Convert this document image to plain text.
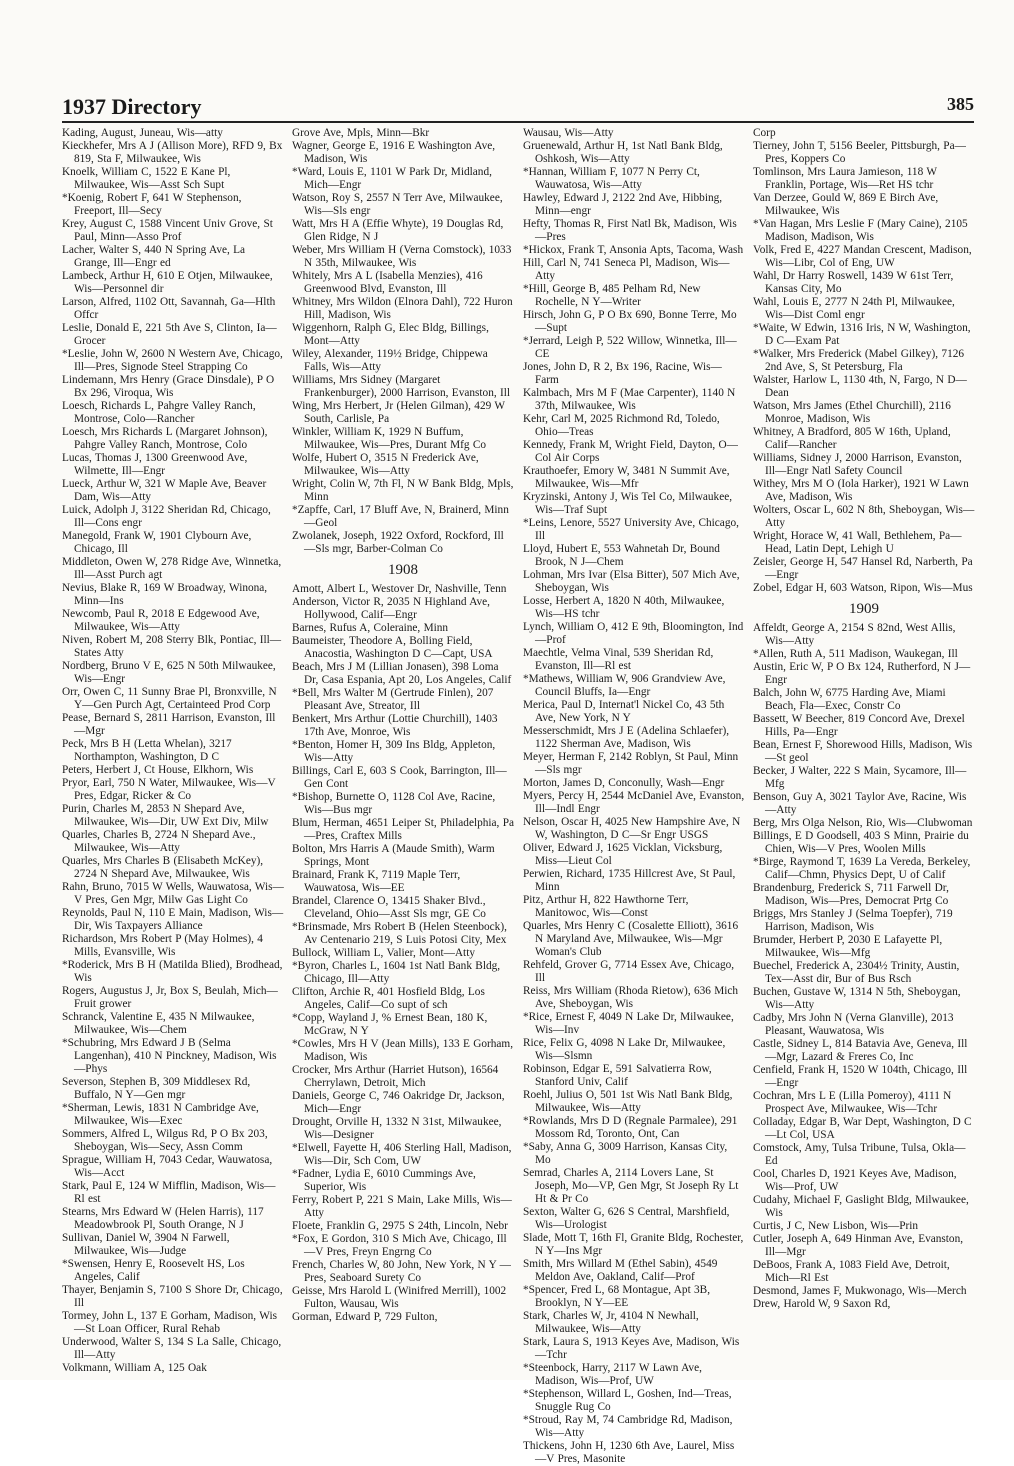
1937 Directory	385

Kading, August, Juneau, Wis—atty

Kieckhefer, Mrs A J (Allison More), RFD 9, Bx 819, Sta F, Milwaukee, Wis

Knoelk, William C, 1522 E Kane Pl, Milwaukee, Wis—Asst Sch Supt

*Koenig, Robert F, 641 W Stephenson, Freeport, Ill—Secy

Krey, August C, 1588 Vincent Univ Grove, St Paul, Minn—Asso Prof

Lacher, Walter S, 440 N Spring Ave, La Grange, Ill—Engr ed

Lambeck, Arthur H, 610 E Otjen, Milwaukee, Wis—Personnel dir

Larson, Alfred, 1102 Ott, Savannah, Ga—Hlth Offcr

Leslie, Donald E, 221 5th Ave S, Clinton, Ia—Grocer

*Leslie, John W, 2600 N Western Ave, Chicago, Ill—Pres, Signode Steel Strapping Co

Lindemann, Mrs Henry (Grace Dinsdale), P O Bx 296, Viroqua, Wis

Loesch, Richards L, Pahgre Valley Ranch, Montrose, Colo—Rancher

Loesch, Mrs Richards L (Margaret Johnson), Pahgre Valley Ranch, Montrose, Colo

Lucas, Thomas J, 1300 Greenwood Ave, Wilmette, Ill—Engr

Lueck, Arthur W, 321 W Maple Ave, Beaver Dam, Wis—Atty

Luick, Adolph J, 3122 Sheridan Rd, Chicago, Ill—Cons engr

Manegold, Frank W, 1901 Clybourn Ave, Chicago, Ill

Middleton, Owen W, 278 Ridge Ave, Winnetka, Ill—Asst Purch agt

Nevius, Blake R, 169 W Broadway, Winona, Minn—Ins

Newcomb, Paul R, 2018 E Edgewood Ave, Milwaukee, Wis—Atty

Niven, Robert M, 208 Sterry Blk, Pontiac, Ill—States Atty

Nordberg, Bruno V E, 625 N 50th Milwaukee, Wis—Engr

Orr, Owen C, 11 Sunny Brae Pl, Bronxville, N Y—Gen Purch Agt, Certainteed Prod Corp

Pease, Bernard S, 2811 Harrison, Evanston, Ill—Mgr

Peck, Mrs B H (Letta Whelan), 3217 Northampton, Washington, D C

Peters, Herbert J, Ct House, Elkhorn, Wis

Pryor, Earl, 750 N Water, Milwaukee, Wis—V Pres, Edgar, Ricker & Co

Purin, Charles M, 2853 N Shepard Ave, Milwaukee, Wis—Dir, UW Ext Div, Milw

Quarles, Charles B, 2724 N Shepard Ave., Milwaukee, Wis—Atty

Quarles, Mrs Charles B (Elisabeth McKey), 2724 N Shepard Ave, Milwaukee, Wis

Rahn, Bruno, 7015 W Wells, Wauwatosa, Wis—V Pres, Gen Mgr, Milw Gas Light Co

Reynolds, Paul N, 110 E Main, Madison, Wis—Dir, Wis Taxpayers Alliance

Richardson, Mrs Robert P (May Holmes), 4 Mills, Evansville, Wis

*Roderick, Mrs B H (Matilda Blied), Brodhead, Wis

Rogers, Augustus J, Jr, Box S, Beulah, Mich—Fruit grower

Schranck, Valentine E, 435 N Milwaukee, Milwaukee, Wis—Chem

*Schubring, Mrs Edward J B (Selma Langenhan), 410 N Pinckney, Madison, Wis—Phys

Severson, Stephen B, 309 Middlesex Rd, Buffalo, N Y—Gen mgr

*Sherman, Lewis, 1831 N Cambridge Ave, Milwaukee, Wis—Exec

Sommers, Alfred L, Wilgus Rd, P O Bx 203, Sheboygan, Wis—Secy, Assn Comm

Sprague, William H, 7043 Cedar, Wauwatosa, Wis—Acct

Stark, Paul E, 124 W Mifflin, Madison, Wis—Rl est

Stearns, Mrs Edward W (Helen Harris), 117 Meadowbrook Pl, South Orange, N J

Sullivan, Daniel W, 3904 N Farwell, Milwaukee, Wis—Judge

*Swensen, Henry E, Roosevelt HS, Los Angeles, Calif

Thayer, Benjamin S, 7100 S Shore Dr, Chicago, Ill

Tormey, John L, 137 E Gorham, Madison, Wis—St Loan Officer, Rural Rehab

Underwood, Walter S, 134 S La Salle, Chicago, Ill—Atty

Volkmann, William A, 125 Oak

Grove Ave, Mpls, Minn—Bkr

Wagner, George E, 1916 E Washington Ave, Madison, Wis

*Ward, Louis E, 1101 W Park Dr, Midland, Mich—Engr

Watson, Roy S, 2557 N Terr Ave, Milwaukee, Wis—Sls engr

Watt, Mrs H A (Effie Whyte), 19 Douglas Rd, Glen Ridge, N J

Weber, Mrs William H (Verna Comstock), 1033 N 35th, Milwaukee, Wis

Whitely, Mrs A L (Isabella Menzies), 416 Greenwood Blvd, Evanston, Ill

Whitney, Mrs Wildon (Elnora Dahl), 722 Huron Hill, Madison, Wis

Wiggenhorn, Ralph G, Elec Bldg, Billings, Mont—Atty

Wiley, Alexander, 119½ Bridge, Chippewa Falls, Wis—Atty

Williams, Mrs Sidney (Margaret Frankenburger), 2000 Harrison, Evanston, Ill

Wing, Mrs Herbert, Jr (Helen Gilman), 429 W South, Carlisle, Pa

Winkler, William K, 1929 N Buffum, Milwaukee, Wis—Pres, Durant Mfg Co

Wolfe, Hubert O, 3515 N Frederick Ave, Milwaukee, Wis—Atty

Wright, Colin W, 7th Fl, N W Bank Bldg, Mpls, Minn

*Zapffe, Carl, 17 Bluff Ave, N, Brainerd, Minn—Geol

Zwolanek, Joseph, 1922 Oxford, Rockford, Ill—Sls mgr, Barber-Colman Co

1908

Amott, Albert L, Westover Dr, Nashville, Tenn

Anderson, Victor R, 2035 N Highland Ave, Hollywood, Calif—Engr

Barnes, Rufus A, Coleraine, Minn

Baumeister, Theodore A, Bolling Field, Anacostia, Washington D C—Capt, USA

Beach, Mrs J M (Lillian Jonasen), 398 Loma Dr, Casa Espania, Apt 20, Los Angeles, Calif

*Bell, Mrs Walter M (Gertrude Finlen), 207 Pleasant Ave, Streator, Ill

Benkert, Mrs Arthur (Lottie Churchill), 1403 17th Ave, Monroe, Wis

*Benton, Homer H, 309 Ins Bldg, Appleton, Wis—Atty

Billings, Carl E, 603 S Cook, Barrington, Ill—Gen Cont

*Bishop, Burnette O, 1128 Col Ave, Racine, Wis—Bus mgr

Blum, Herman, 4651 Leiper St, Philadelphia, Pa—Pres, Craftex Mills

Bolton, Mrs Harris A (Maude Smith), Warm Springs, Mont

Brainard, Frank K, 7119 Maple Terr, Wauwatosa, Wis—EE

Brandel, Clarence O, 13415 Shaker Blvd., Cleveland, Ohio—Asst Sls mgr, GE Co

*Brinsmade, Mrs Robert B (Helen Steenbock), Av Centenario 219, S Luis Potosi City, Mex

Bullock, William L, Valier, Mont—Atty

*Byron, Charles L, 1604 1st Natl Bank Bldg, Chicago, Ill—Atty

Clifton, Archie R, 401 Hosfield Bldg, Los Angeles, Calif—Co supt of sch

*Copp, Wayland J, % Ernest Bean, 180 K, McGraw, N Y

*Cowles, Mrs H V (Jean Mills), 133 E Gorham, Madison, Wis

Crocker, Mrs Arthur (Harriet Hutson), 16564 Cherrylawn, Detroit, Mich

Daniels, George C, 746 Oakridge Dr, Jackson, Mich—Engr

Drought, Orville H, 1332 N 31st, Milwaukee, Wis—Designer

*Elwell, Fayette H, 406 Sterling Hall, Madison, Wis—Dir, Sch Com, UW

*Fadner, Lydia E, 6010 Cummings Ave, Superior, Wis

Ferry, Robert P, 221 S Main, Lake Mills, Wis—Atty

Floete, Franklin G, 2975 S 24th, Lincoln, Nebr

*Fox, E Gordon, 310 S Mich Ave, Chicago, Ill—V Pres, Freyn Engrng Co

French, Charles W, 80 John, New York, N Y — Pres, Seaboard Surety Co

Geisse, Mrs Harold L (Winifred Merrill), 1002 Fulton, Wausau, Wis

Gorman, Edward P, 729 Fulton,

Wausau, Wis—Atty

Gruenewald, Arthur H, 1st Natl Bank Bldg, Oshkosh, Wis—Atty

*Hannan, William F, 1077 N Perry Ct, Wauwatosa, Wis—Atty

Hawley, Edward J, 2122 2nd Ave, Hibbing, Minn—engr

Hefty, Thomas R, First Natl Bk, Madison, Wis—Pres

*Hickox, Frank T, Ansonia Apts, Tacoma, Wash

Hill, Carl N, 741 Seneca Pl, Madison, Wis—Atty

*Hill, George B, 485 Pelham Rd, New Rochelle, N Y—Writer

Hirsch, John G, P O Bx 690, Bonne Terre, Mo—Supt

*Jerrard, Leigh P, 522 Willow, Winnetka, Ill—CE

Jones, John D, R 2, Bx 196, Racine, Wis—Farm

Kalmbach, Mrs M F (Mae Carpenter), 1140 N 37th, Milwaukee, Wis

Kehr, Carl M, 2025 Richmond Rd, Toledo, Ohio—Treas

Kennedy, Frank M, Wright Field, Dayton, O—Col Air Corps

Krauthoefer, Emory W, 3481 N Summit Ave, Milwaukee, Wis—Mfr

Kryzinski, Antony J, Wis Tel Co, Milwaukee, Wis—Traf Supt

*Leins, Lenore, 5527 University Ave, Chicago, Ill

Lloyd, Hubert E, 553 Wahnetah Dr, Bound Brook, N J—Chem

Lohman, Mrs Ivar (Elsa Bitter), 507 Mich Ave, Sheboygan, Wis

Losse, Herbert A, 1820 N 40th, Milwaukee, Wis—HS tchr

Lynch, William O, 412 E 9th, Bloomington, Ind—Prof

Maechtle, Velma Vinal, 539 Sheridan Rd, Evanston, Ill—Rl est

*Mathews, William W, 906 Grandview Ave, Council Bluffs, Ia—Engr

Merica, Paul D, Internat'l Nickel Co, 43 5th Ave, New York, N Y

Messerschmidt, Mrs J E (Adelina Schlaefer), 1122 Sherman Ave, Madison, Wis

Meyer, Herman F, 2142 Roblyn, St Paul, Minn—Sls mgr

Morton, James D, Conconully, Wash—Engr

Myers, Percy H, 2544 McDaniel Ave, Evanston, Ill—Indl Engr

Nelson, Oscar H, 4025 New Hampshire Ave, N W, Washington, D C—Sr Engr USGS

Oliver, Edward J, 1625 Vicklan, Vicksburg, Miss—Lieut Col

Perwien, Richard, 1735 Hillcrest Ave, St Paul, Minn

Pitz, Arthur H, 822 Hawthorne Terr, Manitowoc, Wis—Const

Quarles, Mrs Henry C (Cosalette Elliott), 3616 N Maryland Ave, Milwaukee, Wis—Mgr Woman's Club

Rehfeld, Grover G, 7714 Essex Ave, Chicago, Ill

Reiss, Mrs William (Rhoda Rietow), 636 Mich Ave, Sheboygan, Wis

*Rice, Ernest F, 4049 N Lake Dr, Milwaukee, Wis—Inv

Rice, Felix G, 4098 N Lake Dr, Milwaukee, Wis—Slsmn

Robinson, Edgar E, 591 Salvatierra Row, Stanford Univ, Calif

Roehl, Julius O, 501 1st Wis Natl Bank Bldg, Milwaukee, Wis—Atty

*Rowlands, Mrs D D (Regnale Parmalee), 291 Mossom Rd, Toronto, Ont, Can

*Saby, Anna G, 3009 Harrison, Kansas City, Mo

Semrad, Charles A, 2114 Lovers Lane, St Joseph, Mo—VP, Gen Mgr, St Joseph Ry Lt Ht & Pr Co

Sexton, Walter G, 626 S Central, Marshfield, Wis—Urologist

Slade, Mott T, 16th Fl, Granite Bldg, Rochester, N Y—Ins Mgr

Smith, Mrs Willard M (Ethel Sabin), 4549 Meldon Ave, Oakland, Calif—Prof

*Spencer, Fred L, 68 Montague, Apt 3B, Brooklyn, N Y—EE

Stark, Charles W, Jr, 4104 N Newhall, Milwaukee, Wis—Atty

Stark, Laura S, 1913 Keyes Ave, Madison, Wis—Tchr

*Steenbock, Harry, 2117 W Lawn Ave, Madison, Wis—Prof, UW

*Stephenson, Willard L, Goshen, Ind—Treas, Snuggle Rug Co

*Stroud, Ray M, 74 Cambridge Rd, Madison, Wis—Atty

Thickens, John H, 1230 6th Ave, Laurel, Miss—V Pres, Masonite

Corp

Tierney, John T, 5156 Beeler, Pittsburgh, Pa—Pres, Koppers Co

Tomlinson, Mrs Laura Jamieson, 118 W Franklin, Portage, Wis—Ret HS tchr

Van Derzee, Gould W, 869 E Birch Ave, Milwaukee, Wis

*Van Hagan, Mrs Leslie F (Mary Caine), 2105 Madison, Madison, Wis

Volk, Fred E, 4227 Mandan Crescent, Madison, Wis—Libr, Col of Eng, UW

Wahl, Dr Harry Roswell, 1439 W 61st Terr, Kansas City, Mo

Wahl, Louis E, 2777 N 24th Pl, Milwaukee, Wis—Dist Coml engr

*Waite, W Edwin, 1316 Iris, N W, Washington, D C—Exam Pat

*Walker, Mrs Frederick (Mabel Gilkey), 7126 2nd Ave, S, St Petersburg, Fla

Walster, Harlow L, 1130 4th, N, Fargo, N D—Dean

Watson, Mrs James (Ethel Churchill), 2116 Monroe, Madison, Wis

Whitney, A Bradford, 805 W 16th, Upland, Calif—Rancher

Williams, Sidney J, 2000 Harrison, Evanston, Ill—Engr Natl Safety Council

Withey, Mrs M O (Iola Harker), 1921 W Lawn Ave, Madison, Wis

Wolters, Oscar L, 602 N 8th, Sheboygan, Wis—Atty

Wright, Horace W, 41 Wall, Bethlehem, Pa—Head, Latin Dept, Lehigh U

Zeisler, George H, 547 Hansel Rd, Narberth, Pa—Engr

Zobel, Edgar H, 603 Watson, Ripon, Wis—Mus

1909

Affeldt, George A, 2154 S 82nd, West Allis, Wis—Atty

*Allen, Ruth A, 511 Madison, Waukegan, Ill

Austin, Eric W, P O Bx 124, Rutherford, N J—Engr

Balch, John W, 6775 Harding Ave, Miami Beach, Fla—Exec, Constr Co

Bassett, W Beecher, 819 Concord Ave, Drexel Hills, Pa—Engr

Bean, Ernest F, Shorewood Hills, Madison, Wis—St geol

Becker, J Walter, 222 S Main, Sycamore, Ill—Mfg

Benson, Guy A, 3021 Taylor Ave, Racine, Wis—Atty

Berg, Mrs Olga Nelson, Rio, Wis—Clubwoman

Billings, E D Goodsell, 403 S Minn, Prairie du Chien, Wis—V Pres, Woolen Mills

*Birge, Raymond T, 1639 La Vereda, Berkeley, Calif—Chmn, Physics Dept, U of Calif

Brandenburg, Frederick S, 711 Farwell Dr, Madison, Wis—Pres, Democrat Prtg Co

Briggs, Mrs Stanley J (Selma Toepfer), 719 Harrison, Madison, Wis

Brumder, Herbert P, 2030 E Lafayette Pl, Milwaukee, Wis—Mfg

Buechel, Frederick A, 2304½ Trinity, Austin, Tex—Asst dir, Bur of Bus Rsch

Buchen, Gustave W, 1314 N 5th, Sheboygan, Wis—Atty

Cadby, Mrs John N (Verna Glanville), 2013 Pleasant, Wauwatosa, Wis

Castle, Sidney L, 814 Batavia Ave, Geneva, Ill—Mgr, Lazard & Freres Co, Inc

Cenfield, Frank H, 1520 W 104th, Chicago, Ill—Engr

Cochran, Mrs L E (Lilla Pomeroy), 4111 N Prospect Ave, Milwaukee, Wis—Tchr

Colladay, Edgar B, War Dept, Washington, D C—Lt Col, USA

Comstock, Amy, Tulsa Tribune, Tulsa, Okla—Ed

Cool, Charles D, 1921 Keyes Ave, Madison, Wis—Prof, UW

Cudahy, Michael F, Gaslight Bldg, Milwaukee, Wis

Curtis, J C, New Lisbon, Wis—Prin

Cutler, Joseph A, 649 Hinman Ave, Evanston, Ill—Mgr

DeBoos, Frank A, 1083 Field Ave, Detroit, Mich—Rl Est

Desmond, James F, Mukwonago, Wis—Merch

Drew, Harold W, 9 Saxon Rd,
